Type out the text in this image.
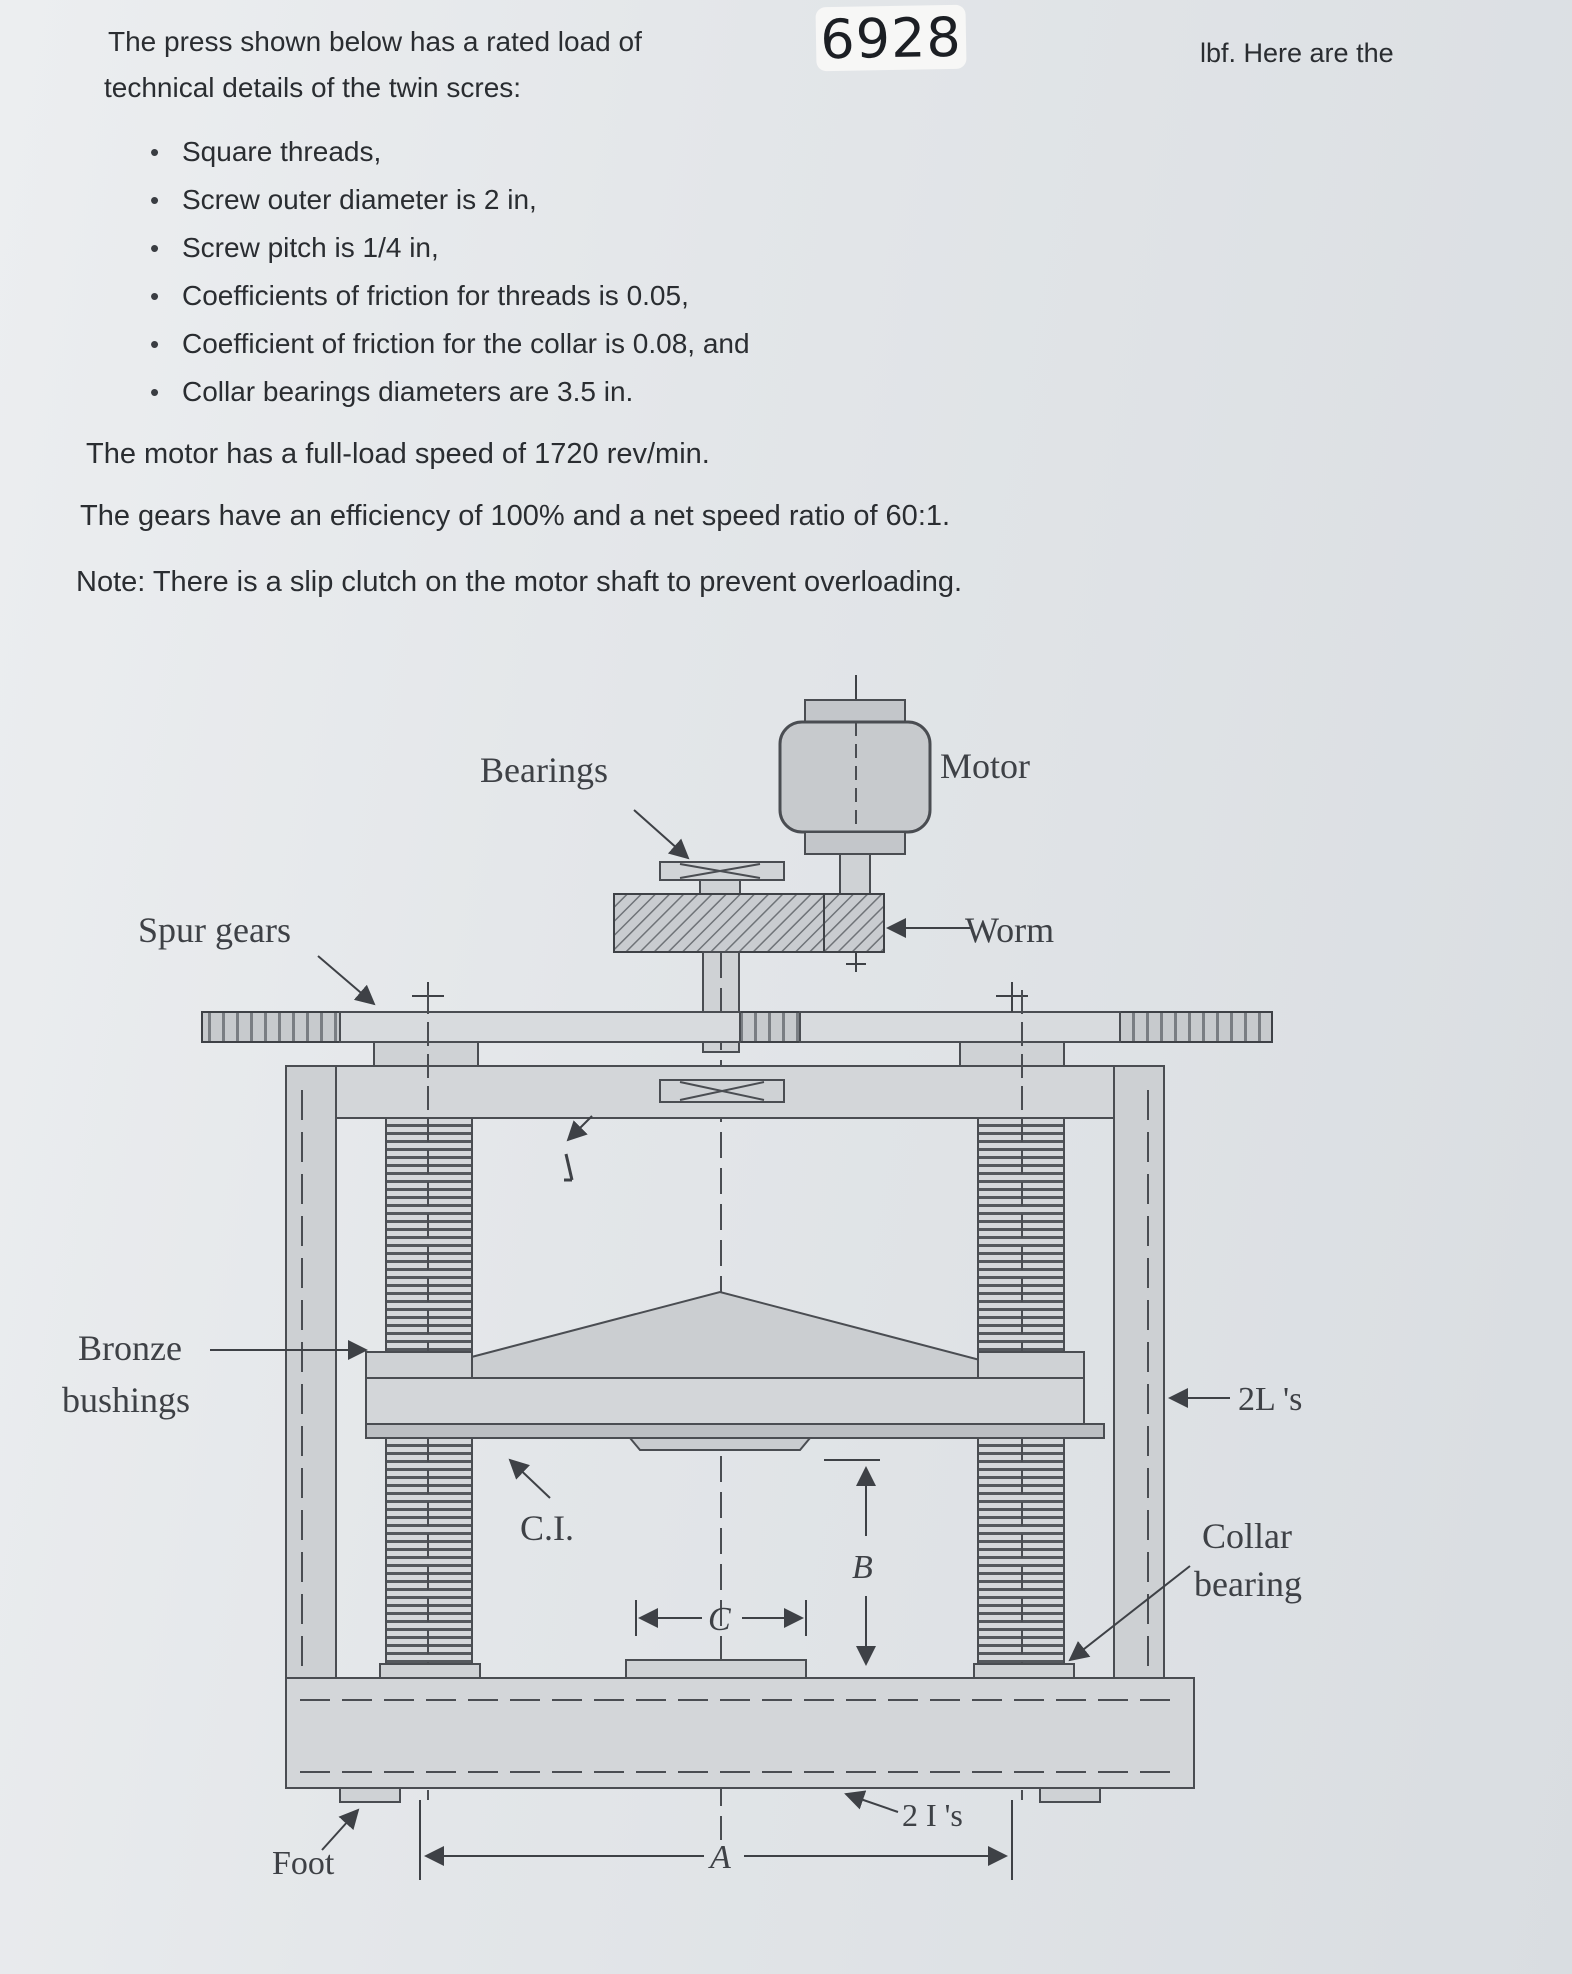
The press shown below has a rated load of	6928	lbf. Here are the
technical details of the twin scres:
• Square threads,
• Screw outer diameter is 2 in,
• Screw pitch is 1/4 in,
• Coefficients of friction for threads is 0.05,
• Coefficient of friction for the collar is 0.08, and
• Collar bearings diameters are 3.5 in.
The motor has a full-load speed of 1720 rev/min.
The gears have an efficiency of 100% and a net speed ratio of 60:1.
Note: There is a slip clutch on the motor shaft to prevent overloading.
Motor
Bearings
Worm
Spur gears
2L 's
Bronze
bushings
C.I.
B
C
Collar
bearing
2 I 's
Foot	A
